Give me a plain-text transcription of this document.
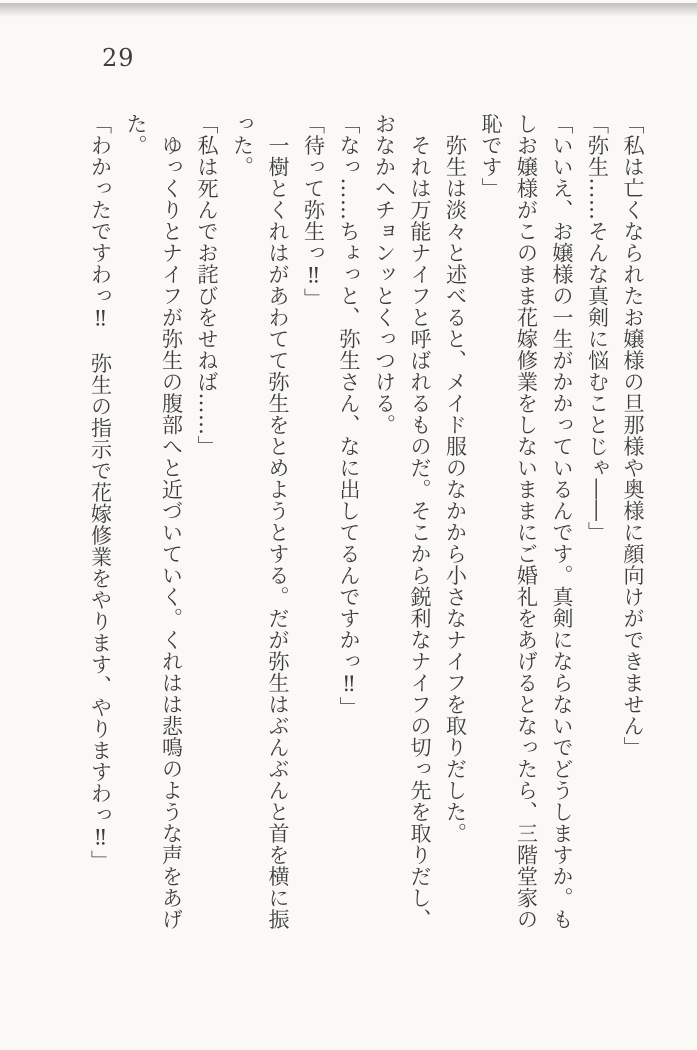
29

「私は亡くなられたお嬢様の旦那様や奥様に顔向けができません」

「弥生……そんな真剣に悩むことじゃ――」

「いいえ、お嬢様の一生がかかっているんです。真剣にならないでどうしますか。も

しお嬢様がこのまま花嫁修業をしないままにご婚礼をあげるとなったら、三階堂家の

恥です」

　弥生は淡々と述べると、メイド服のなかから小さなナイフを取りだした。

　それは万能ナイフと呼ばれるものだ。そこから鋭利なナイフの切っ先を取りだし、

おなかへチョンッとくっつける。

「なっ……ちょっと、弥生さん、なに出してるんですかっ‼」

「待って弥生っ‼」

　一樹とくれはがあわてて弥生をとめようとする。だが弥生はぶんぶんと首を横に振

った。

「私は死んでお詫びをせねば……」

　ゆっくりとナイフが弥生の腹部へと近づいていく。くれはは悲鳴のような声をあげ

た。

「わかったですわっ‼　弥生の指示で花嫁修業をやります、やりますわっ‼」
